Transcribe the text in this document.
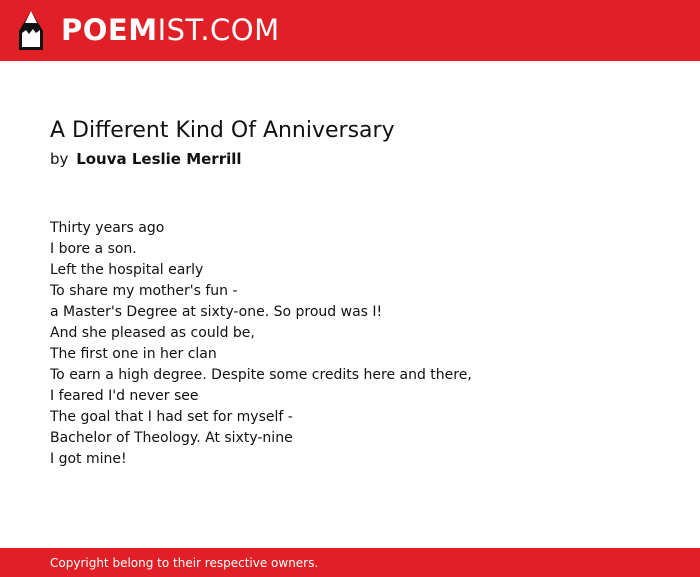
POEMIST.COM
A Different Kind Of Anniversary
by Louva Leslie Merrill
Thirty years ago
I bore a son.
Left the hospital early
To share my mother's fun -
a Master's Degree at sixty-one. So proud was I!
And she pleased as could be,
The first one in her clan
To earn a high degree. Despite some credits here and there,
I feared I'd never see
The goal that I had set for myself -
Bachelor of Theology. At sixty-nine
I got mine!
Copyright belong to their respective owners.
